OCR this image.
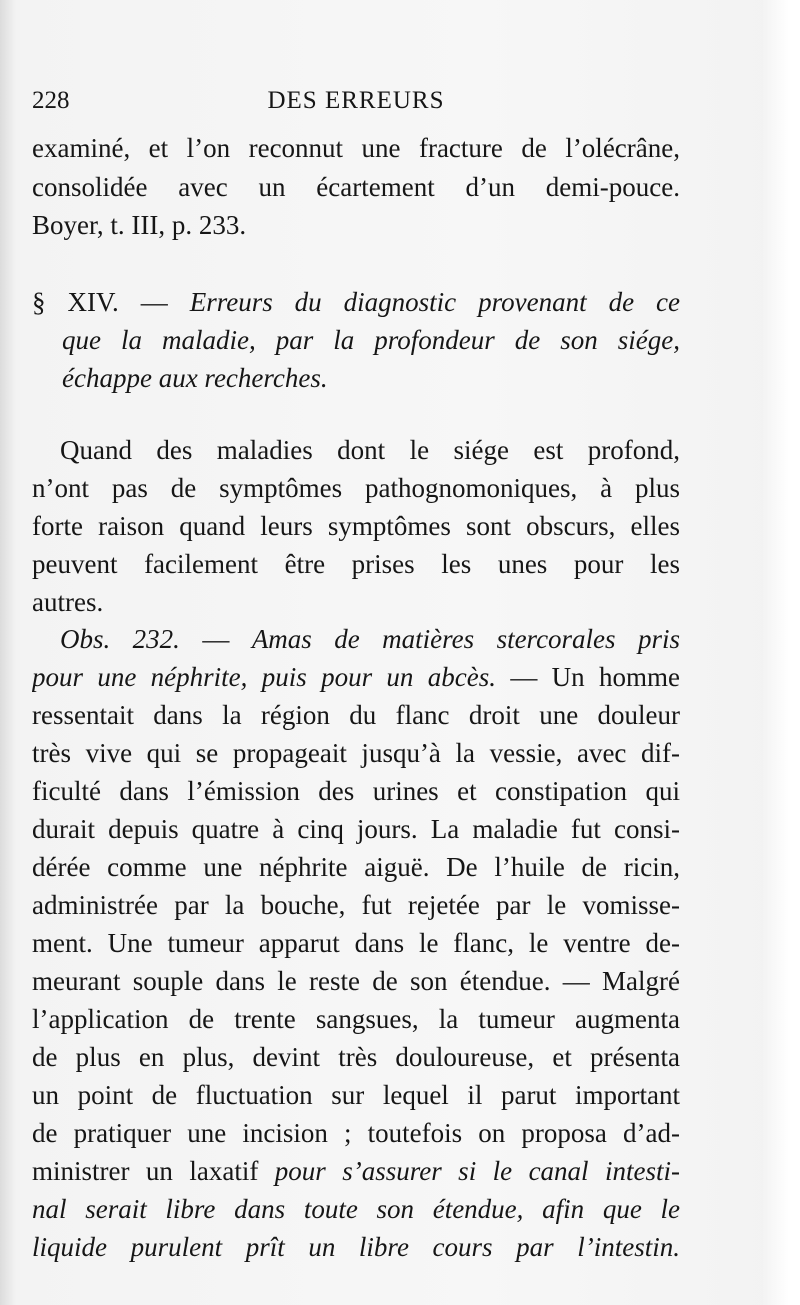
228	DES ERREURS
examiné, et l’on reconnut une fracture de l’olécrâne,
consolidée avec un écartement d’un demi-pouce.
Boyer, t. III, p. 233.
§ XIV. — Erreurs du diagnostic provenant de ce
que la maladie, par la profondeur de son siége,
échappe aux recherches.
Quand des maladies dont le siége est profond,
n’ont pas de symptômes pathognomoniques, à plus
forte raison quand leurs symptômes sont obscurs, elles
peuvent facilement être prises les unes pour les
autres.
Obs. 232. — Amas de matières stercorales pris
pour une néphrite, puis pour un abcès. — Un homme
ressentait dans la région du flanc droit une douleur
très vive qui se propageait jusqu’à la vessie, avec dif-
ficulté dans l’émission des urines et constipation qui
durait depuis quatre à cinq jours. La maladie fut consi-
dérée comme une néphrite aiguë. De l’huile de ricin,
administrée par la bouche, fut rejetée par le vomisse-
ment. Une tumeur apparut dans le flanc, le ventre de-
meurant souple dans le reste de son étendue. — Malgré
l’application de trente sangsues, la tumeur augmenta
de plus en plus, devint très douloureuse, et présenta
un point de fluctuation sur lequel il parut important
de pratiquer une incision ; toutefois on proposa d’ad-
ministrer un laxatif pour s’assurer si le canal intesti-
nal serait libre dans toute son étendue, afin que le
liquide purulent prît un libre cours par l’intestin.
